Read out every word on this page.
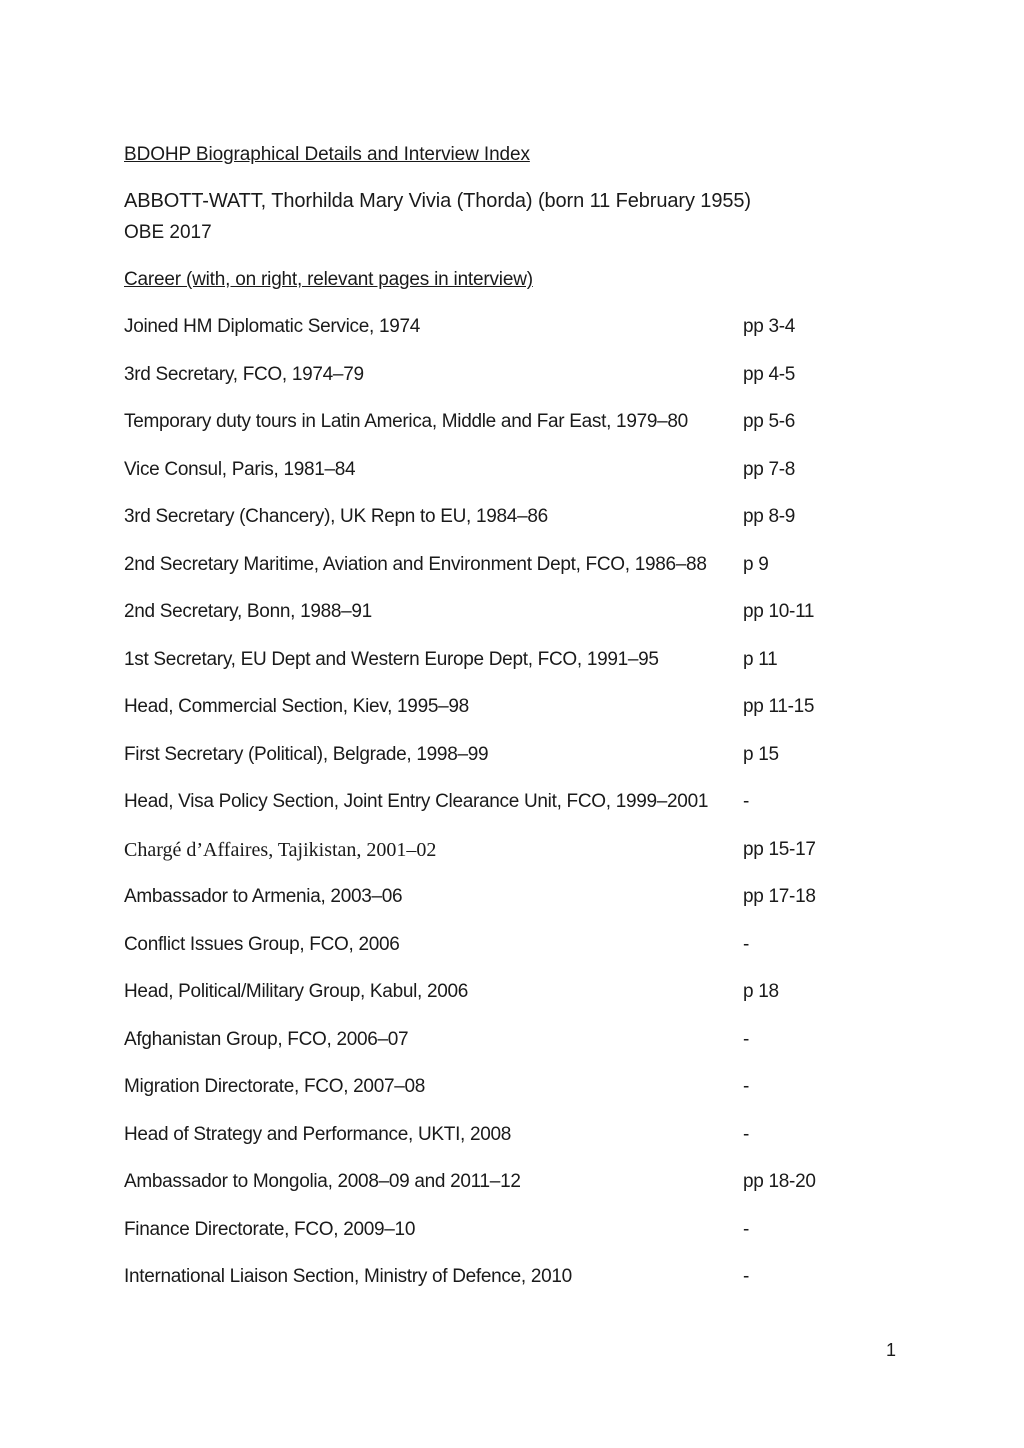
BDOHP Biographical Details and Interview Index
ABBOTT-WATT, Thorhilda Mary Vivia (Thorda) (born 11 February 1955)
OBE 2017
Career (with, on right, relevant pages in interview)
Joined HM Diplomatic Service, 1974	pp 3-4
3rd Secretary, FCO, 1974–79	pp 4-5
Temporary duty tours in Latin America, Middle and Far East, 1979–80	pp 5-6
Vice Consul, Paris, 1981–84	pp 7-8
3rd Secretary (Chancery), UK Repn to EU, 1984–86	pp 8-9
2nd Secretary Maritime, Aviation and Environment Dept, FCO, 1986–88 p 9
2nd Secretary, Bonn, 1988–91	pp 10-11
1st Secretary, EU Dept and Western Europe Dept, FCO, 1991–95	p 11
Head, Commercial Section, Kiev, 1995–98	pp 11-15
First Secretary (Political), Belgrade, 1998–99	p 15
Head, Visa Policy Section, Joint Entry Clearance Unit, FCO, 1999–2001 -
Chargé d’Affaires, Tajikistan, 2001–02	pp 15-17
Ambassador to Armenia, 2003–06	pp 17-18
Conflict Issues Group, FCO, 2006	-
Head, Political/Military Group, Kabul, 2006	p 18
Afghanistan Group, FCO, 2006–07	-
Migration Directorate, FCO, 2007–08	-
Head of Strategy and Performance, UKTI, 2008	-
Ambassador to Mongolia, 2008–09 and 2011–12	pp 18-20
Finance Directorate, FCO, 2009–10	-
International Liaison Section, Ministry of Defence, 2010	-
1
